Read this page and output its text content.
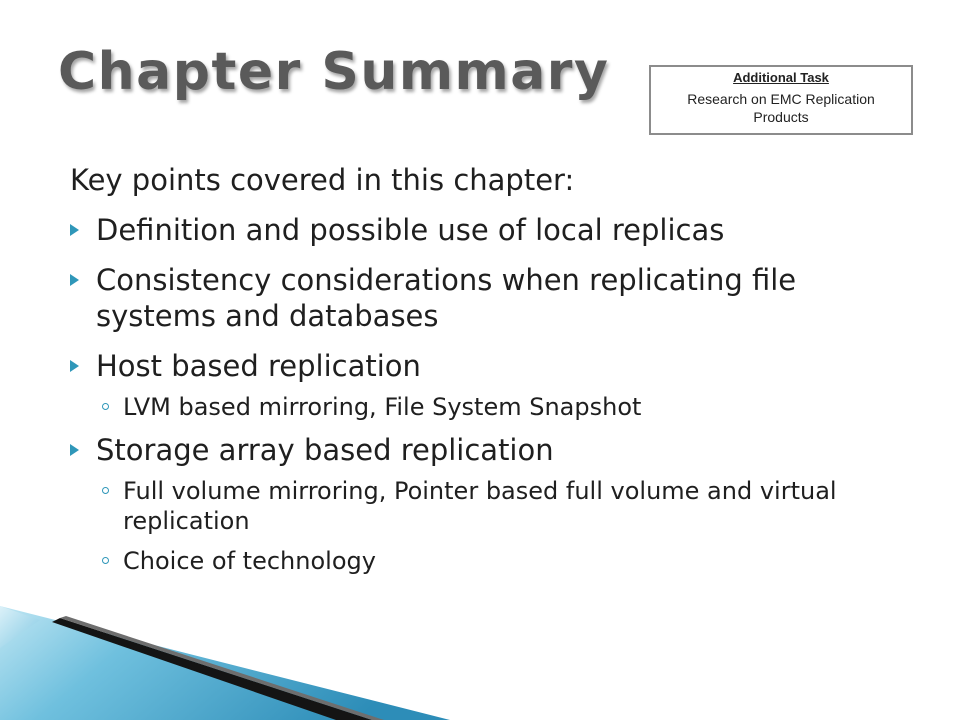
Chapter Summary	Additional Task
Research on EMC Replication Products
Key points covered in this chapter:
Definition and possible use of local replicas
Consistency considerations when replicating file systems and databases
Host based replication
LVM based mirroring, File System Snapshot
Storage array based replication
Full volume mirroring, Pointer based full volume and virtual replication
Choice of technology
